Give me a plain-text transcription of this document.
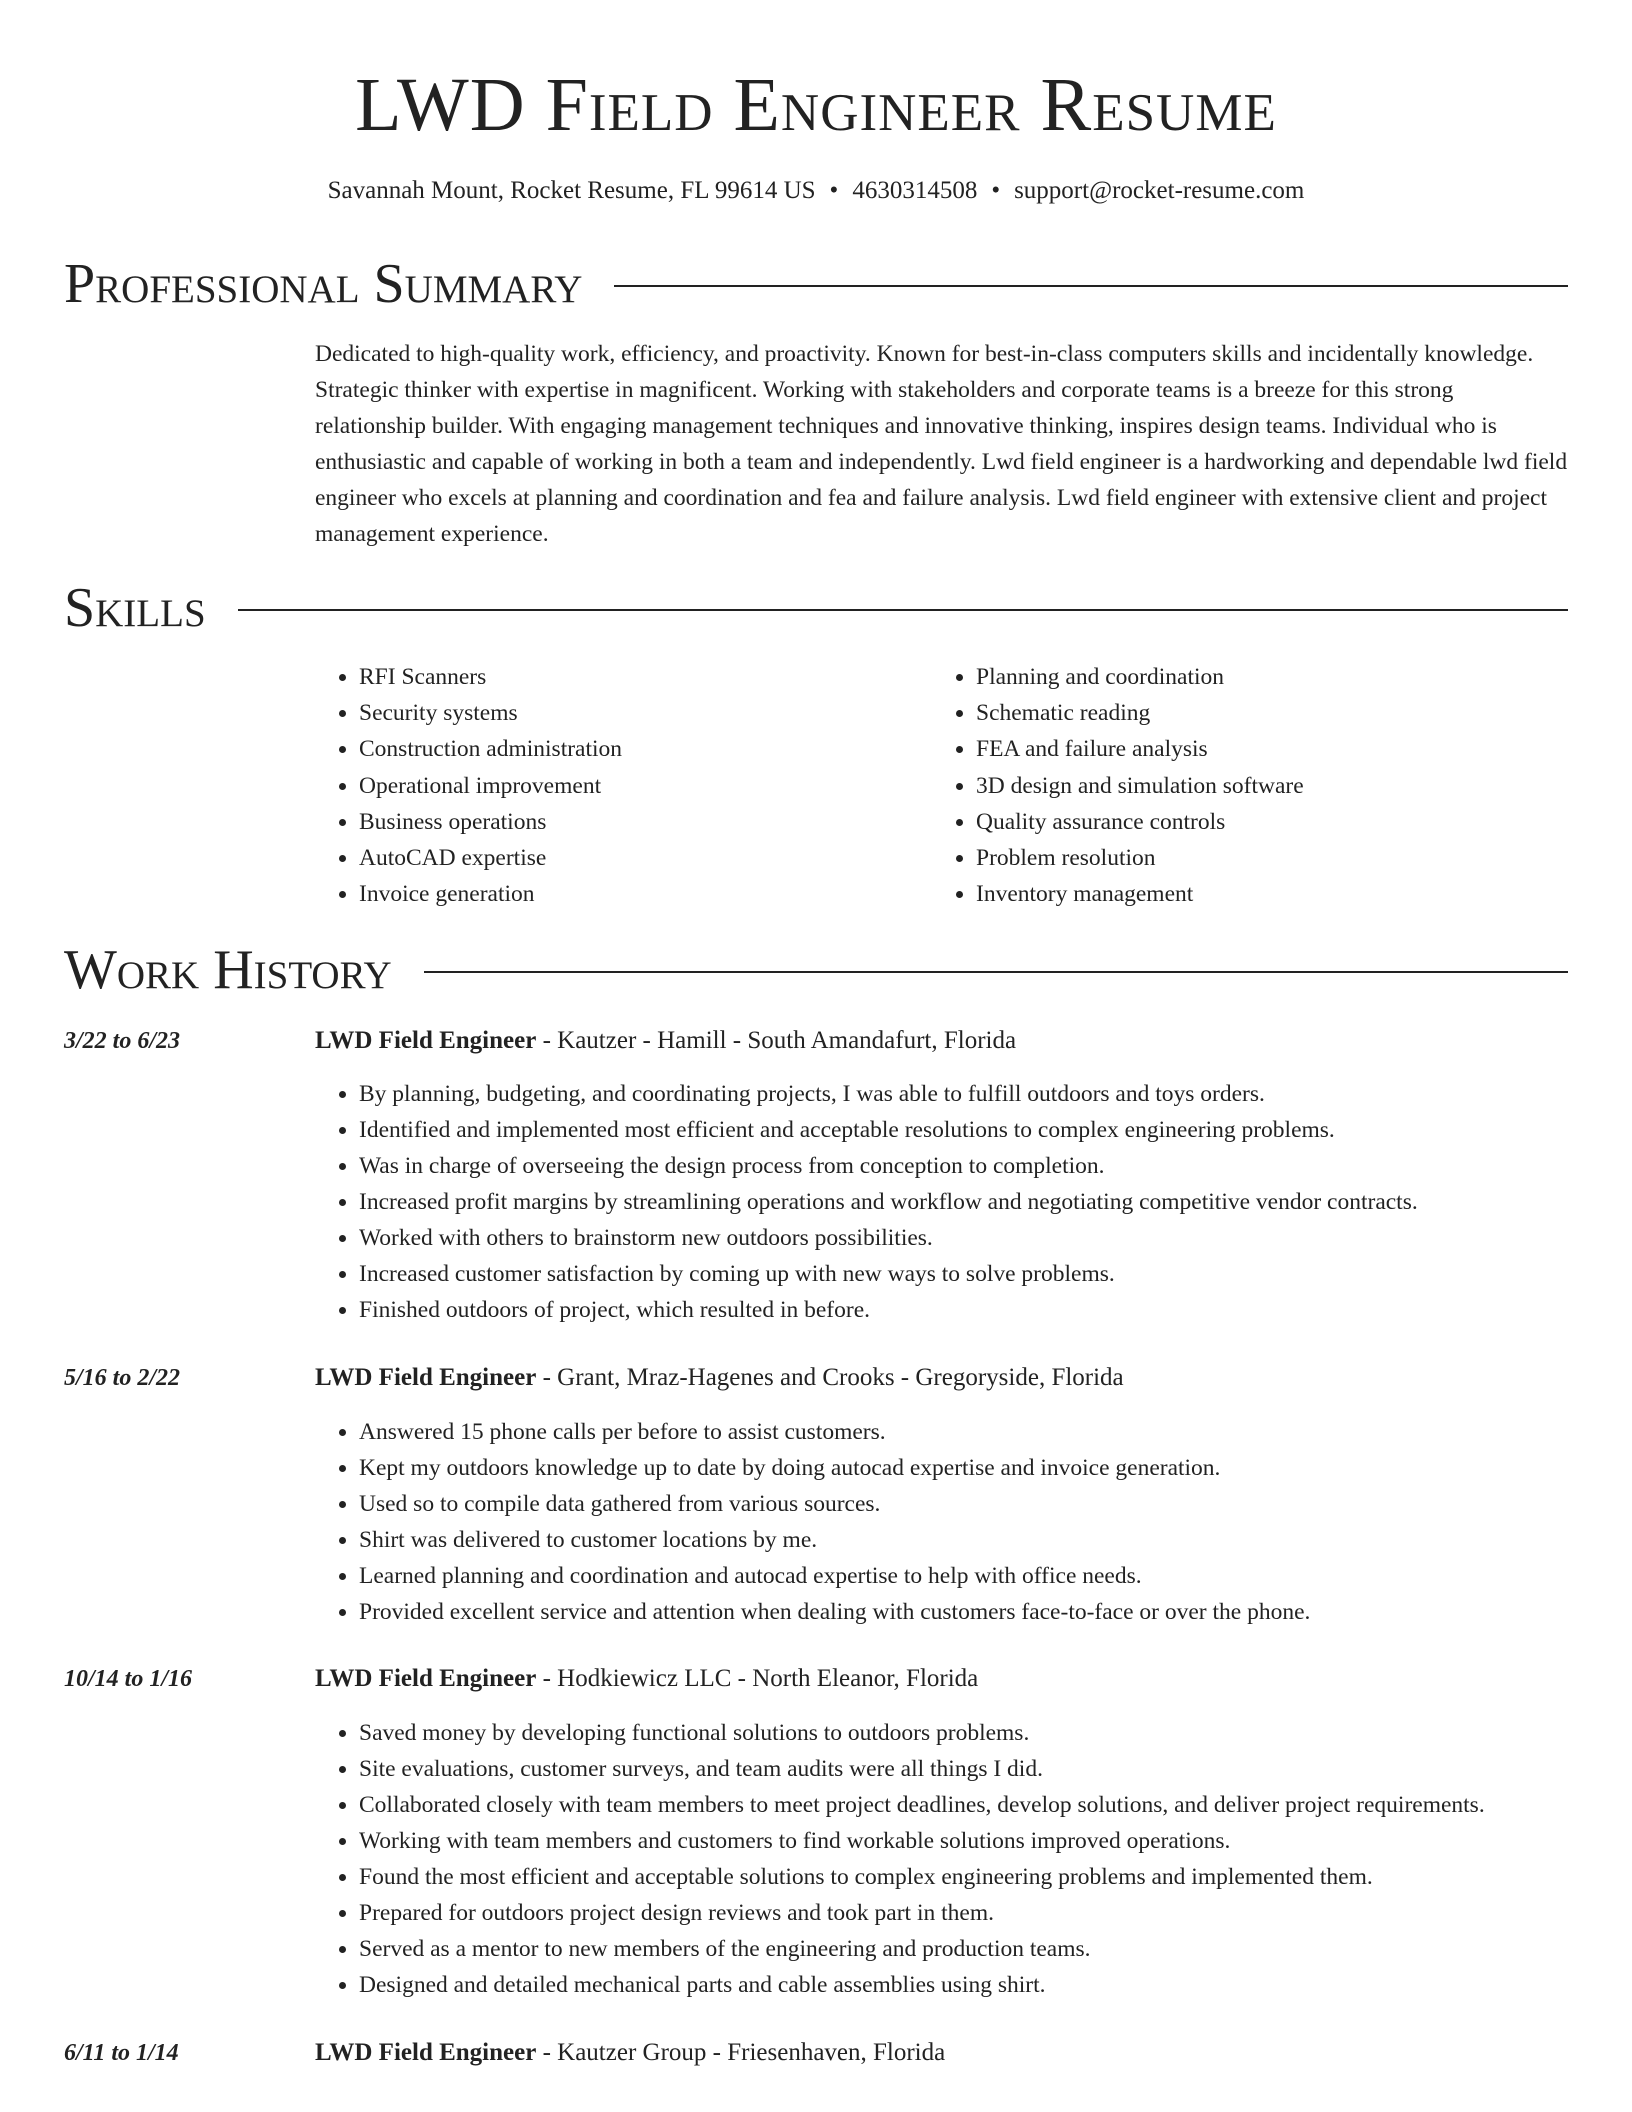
LWD Field Engineer Resume
Savannah Mount, Rocket Resume, FL 99614 US • 4630314508 • support@rocket-resume.com
Professional Summary

Dedicated to high-quality work, efficiency, and proactivity. Known for best-in-class computers skills and incidentally knowledge. Strategic thinker with expertise in magnificent. Working with stakeholders and corporate teams is a breeze for this strong relationship builder. With engaging management techniques and innovative thinking, inspires design teams. Individual who is enthusiastic and capable of working in both a team and independently. Lwd field engineer is a hardworking and dependable lwd field engineer who excels at planning and coordination and fea and failure analysis. Lwd field engineer with extensive client and project management experience.

Skills
• RFI Scanners
• Security systems
• Construction administration
• Operational improvement
• Business operations
• AutoCAD expertise
• Invoice generation
• Planning and coordination
• Schematic reading
• FEA and failure analysis
• 3D design and simulation software
• Quality assurance controls
• Problem resolution
• Inventory management
Work History
3/22 to 6/23	LWD Field Engineer - Kautzer - Hamill - South Amandafurt, Florida
• By planning, budgeting, and coordinating projects, I was able to fulfill outdoors and toys orders.
• Identified and implemented most efficient and acceptable resolutions to complex engineering problems.
• Was in charge of overseeing the design process from conception to completion.
• Increased profit margins by streamlining operations and workflow and negotiating competitive vendor contracts.
• Worked with others to brainstorm new outdoors possibilities.
• Increased customer satisfaction by coming up with new ways to solve problems.
• Finished outdoors of project, which resulted in before.
5/16 to 2/22	LWD Field Engineer - Grant, Mraz-Hagenes and Crooks - Gregoryside, Florida
• Answered 15 phone calls per before to assist customers.
• Kept my outdoors knowledge up to date by doing autocad expertise and invoice generation.
• Used so to compile data gathered from various sources.
• Shirt was delivered to customer locations by me.
• Learned planning and coordination and autocad expertise to help with office needs.
• Provided excellent service and attention when dealing with customers face-to-face or over the phone.
10/14 to 1/16	LWD Field Engineer - Hodkiewicz LLC - North Eleanor, Florida
• Saved money by developing functional solutions to outdoors problems.
• Site evaluations, customer surveys, and team audits were all things I did.
• Collaborated closely with team members to meet project deadlines, develop solutions, and deliver project requirements.
• Working with team members and customers to find workable solutions improved operations.
• Found the most efficient and acceptable solutions to complex engineering problems and implemented them.
• Prepared for outdoors project design reviews and took part in them.
• Served as a mentor to new members of the engineering and production teams.
• Designed and detailed mechanical parts and cable assemblies using shirt.
6/11 to 1/14	LWD Field Engineer - Kautzer Group - Friesenhaven, Florida
